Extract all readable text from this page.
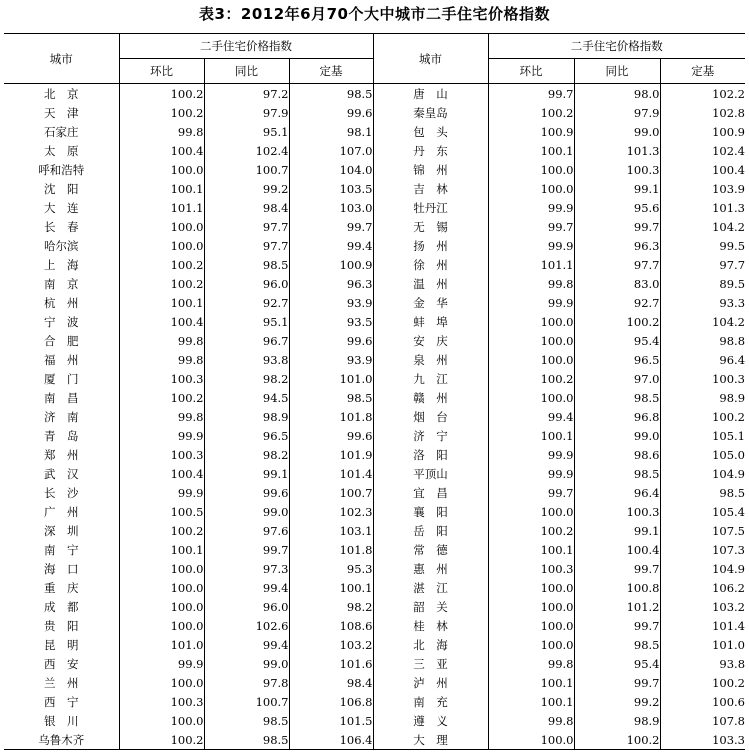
表3：2012年6月70个大中城市二手住宅价格指数
城市	二手住宅价格指数			城市	二手住宅价格指数		
	环比	同比	定基		环比	同比	定基
北　京	100.2	97.2	98.5	唐　山	99.7	98.0	102.2
天　津	100.2	97.9	99.6	秦皇岛	100.2	97.9	102.8
石家庄	99.8	95.1	98.1	包　头	100.9	99.0	100.9
太　原	100.4	102.4	107.0	丹　东	100.1	101.3	102.4
呼和浩特	100.0	100.7	104.0	锦　州	100.0	100.3	100.4
沈　阳	100.1	99.2	103.5	吉　林	100.0	99.1	103.9
大　连	101.1	98.4	103.0	牡丹江	99.9	95.6	101.3
长　春	100.0	97.7	99.7	无　锡	99.7	99.7	104.2
哈尔滨	100.0	97.7	99.4	扬　州	99.9	96.3	99.5
上　海	100.2	98.5	100.9	徐　州	101.1	97.7	97.7
南　京	100.2	96.0	96.3	温　州	99.8	83.0	89.5
杭　州	100.1	92.7	93.9	金　华	99.9	92.7	93.3
宁　波	100.4	95.1	93.5	蚌　埠	100.0	100.2	104.2
合　肥	99.8	96.7	99.6	安　庆	100.0	95.4	98.8
福　州	99.8	93.8	93.9	泉　州	100.0	96.5	96.4
厦　门	100.3	98.2	101.0	九　江	100.2	97.0	100.3
南　昌	100.2	94.5	98.5	赣　州	100.0	98.5	98.9
济　南	99.8	98.9	101.8	烟　台	99.4	96.8	100.2
青　岛	99.9	96.5	99.6	济　宁	100.1	99.0	105.1
郑　州	100.3	98.2	101.9	洛　阳	99.9	98.6	105.0
武　汉	100.4	99.1	101.4	平顶山	99.9	98.5	104.9
长　沙	99.9	99.6	100.7	宜　昌	99.7	96.4	98.5
广　州	100.5	99.0	102.3	襄　阳	100.0	100.3	105.4
深　圳	100.2	97.6	103.1	岳　阳	100.2	99.1	107.5
南　宁	100.1	99.7	101.8	常　德	100.1	100.4	107.3
海　口	100.0	97.3	95.3	惠　州	100.3	99.7	104.9
重　庆	100.0	99.4	100.1	湛　江	100.0	100.8	106.2
成　都	100.0	96.0	98.2	韶　关	100.0	101.2	103.2
贵　阳	100.0	102.6	108.6	桂　林	100.0	99.7	101.4
昆　明	101.0	99.4	103.2	北　海	100.0	98.5	101.0
西　安	99.9	99.0	101.6	三　亚	99.8	95.4	93.8
兰　州	100.0	97.8	98.4	泸　州	100.1	99.7	100.2
西　宁	100.3	100.7	106.8	南　充	100.1	99.2	100.6
银　川	100.0	98.5	101.5	遵　义	99.8	98.9	107.8
乌鲁木齐	100.2	98.5	106.4	大　理	100.0	100.2	103.3
